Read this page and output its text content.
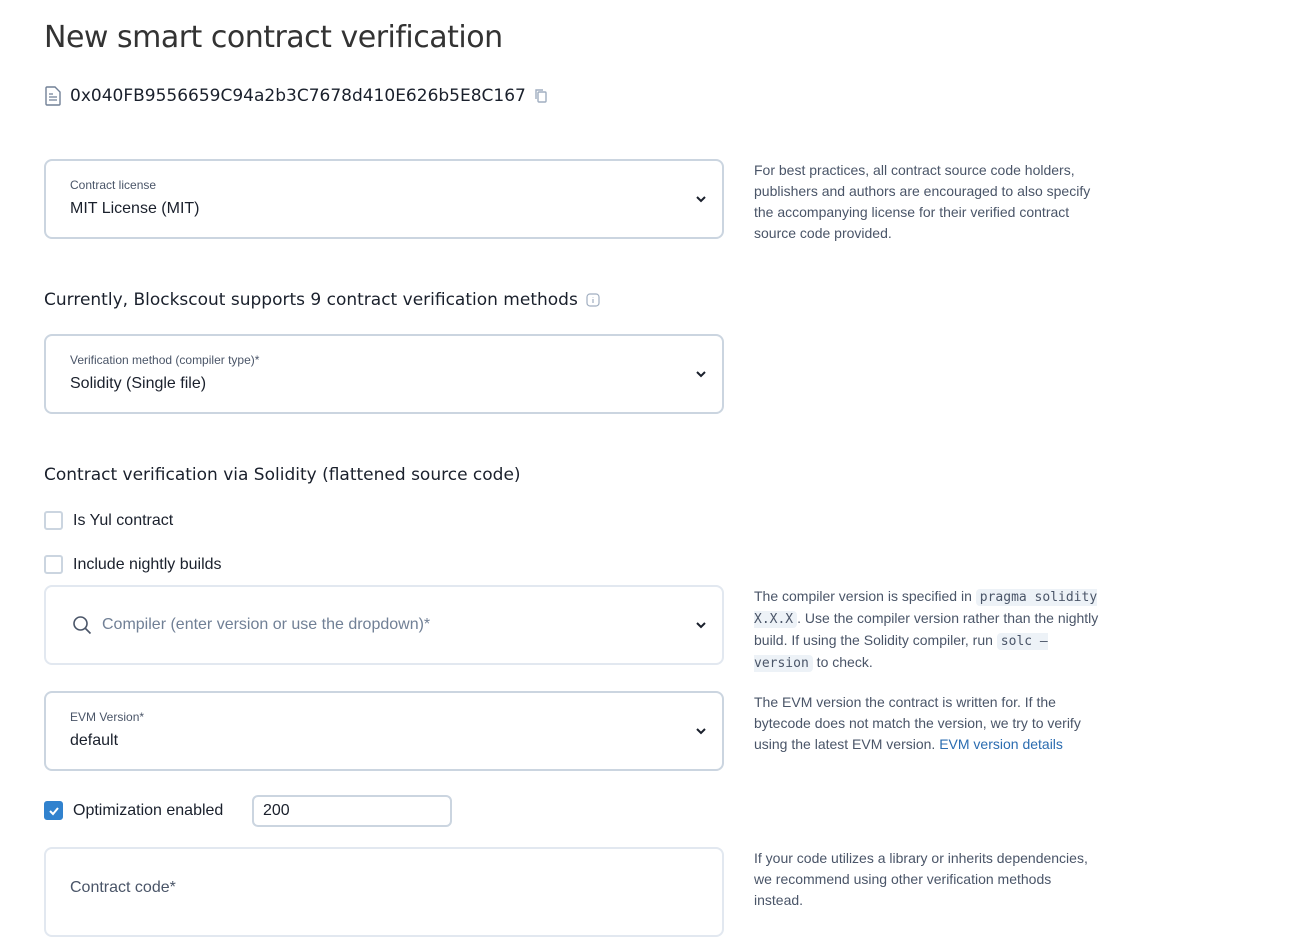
New smart contract verification
0x040FB9556659C94a2b3C7678d410E626b5E8C167
Contract license
MIT License (MIT)
For best practices, all contract source code holders, publishers and authors are encouraged to also specify the accompanying license for their verified contract source code provided.
Currently, Blockscout supports 9 contract verification methods
Verification method (compiler type)*
Solidity (Single file)
Contract verification via Solidity (flattened source code)
Is Yul contract
Include nightly builds
Compiler (enter version or use the dropdown)*
The compiler version is specified in pragma solidity X.X.X . Use the compiler version rather than the nightly build. If using the Solidity compiler, run solc —version to check.
EVM Version*
default
The EVM version the contract is written for. If the bytecode does not match the version, we try to verify using the latest EVM version. EVM version details
Optimization enabled	200
Contract code*
If your code utilizes a library or inherits dependencies, we recommend using other verification methods instead.
